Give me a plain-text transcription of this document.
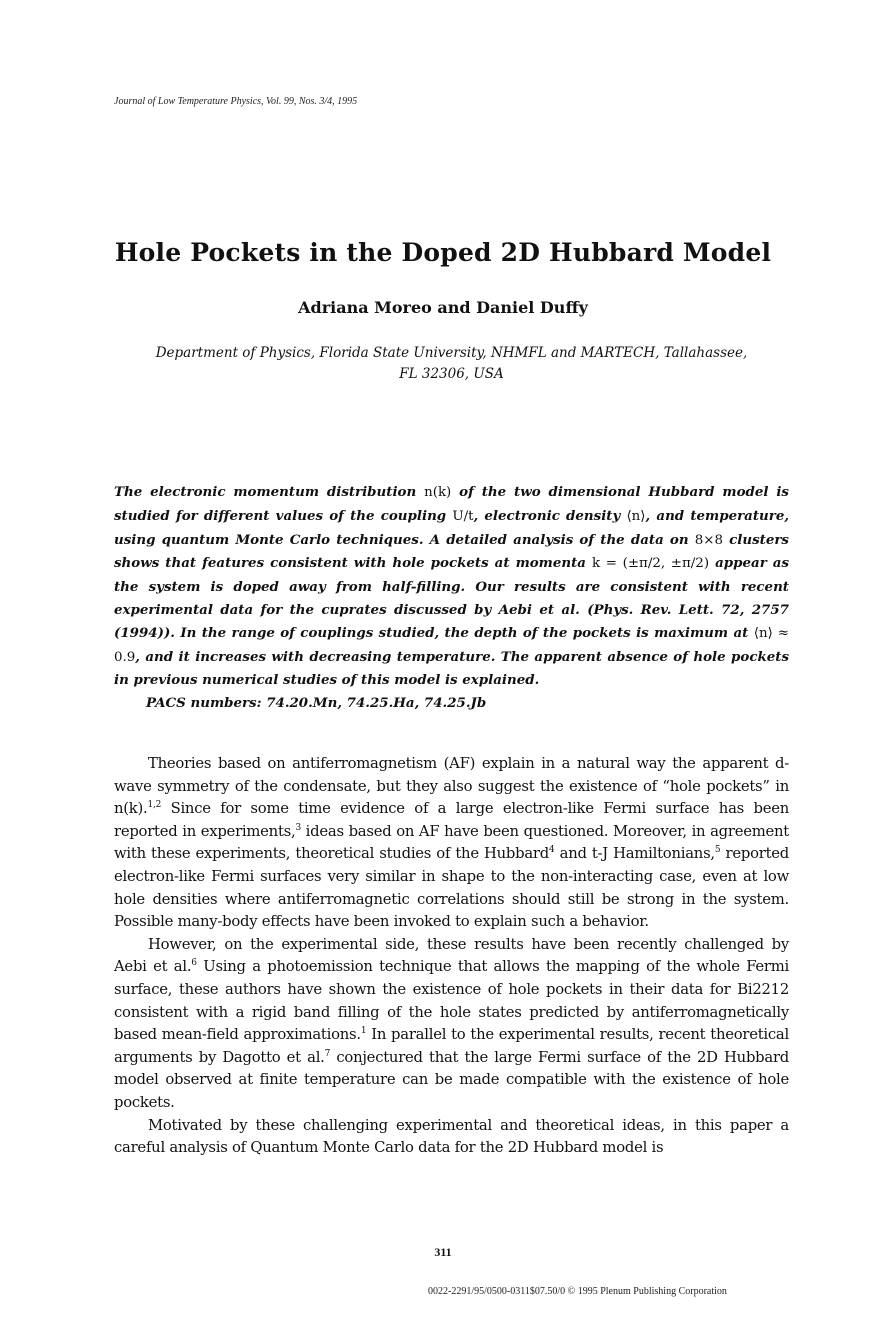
Journal of Low Temperature Physics, Vol. 99, Nos. 3/4, 1995
Hole Pockets in the Doped 2D Hubbard Model
Adriana Moreo and Daniel Duffy
Department of Physics, Florida State University, NHMFL and MARTECH, Tallahassee,
FL 32306, USA
The electronic momentum distribution n(k) of the two dimensional Hubbard model is studied for different values of the coupling U/t, electronic density ⟨n⟩, and temperature, using quantum Monte Carlo techniques. A detailed analysis of the data on 8×8 clusters shows that features consistent with hole pockets at momenta k = (±π/2, ±π/2) appear as the system is doped away from half-filling. Our results are consistent with recent experimental data for the cuprates discussed by Aebi et al. (Phys. Rev. Lett. 72, 2757 (1994)). In the range of couplings studied, the depth of the pockets is maximum at ⟨n⟩ ≈ 0.9, and it increases with decreasing temperature. The apparent absence of hole pockets in previous numerical studies of this model is explained.
PACS numbers: 74.20.Mn, 74.25.Ha, 74.25.Jb

Theories based on antiferromagnetism (AF) explain in a natural way the apparent d-wave symmetry of the condensate, but they also suggest the existence of “hole pockets” in n(k).$^{1,2}$ Since for some time evidence of a large electron-like Fermi surface has been reported in experiments,$^3$ ideas based on AF have been questioned. Moreover, in agreement with these experiments, theoretical studies of the Hubbard$^4$ and t-J Hamiltonians,$^5$ reported electron-like Fermi surfaces very similar in shape to the non-interacting case, even at low hole densities where antiferromagnetic correlations should still be strong in the system. Possible many-body effects have been invoked to explain such a behavior.

However, on the experimental side, these results have been recently challenged by Aebi et al.$^6$ Using a photoemission technique that allows the mapping of the whole Fermi surface, these authors have shown the existence of hole pockets in their data for Bi2212 consistent with a rigid band filling of the hole states predicted by antiferromagnetically based mean-field approximations.$^1$ In parallel to the experimental results, recent theoretical arguments by Dagotto et al.$^7$ conjectured that the large Fermi surface of the 2D Hubbard model observed at finite temperature can be made compatible with the existence of hole pockets.

Motivated by these challenging experimental and theoretical ideas, in this paper a careful analysis of Quantum Monte Carlo data for the 2D Hubbard model is

311
0022-2291/95/0500-0311$07.50/0 © 1995 Plenum Publishing Corporation
